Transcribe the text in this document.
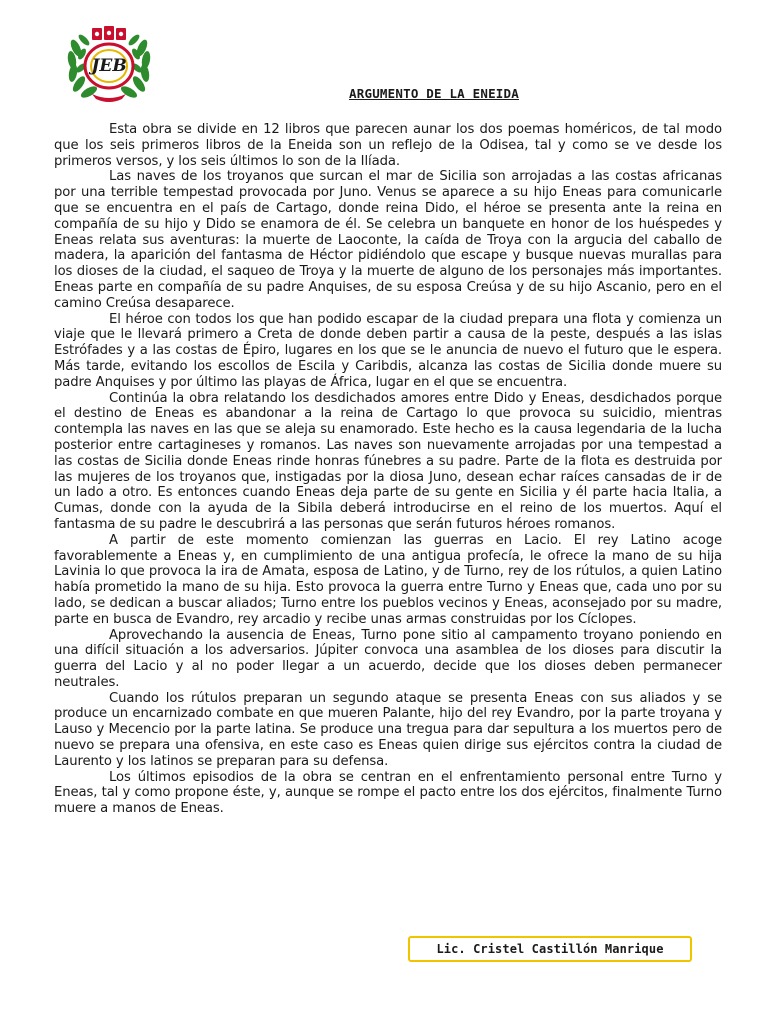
JEB
ARGUMENTO DE LA ENEIDA

Esta obra se divide en 12 libros que parecen aunar los dos poemas homéricos, de tal modo que los seis primeros libros de la Eneida son un reflejo de la Odisea, tal y como se ve desde los primeros versos, y los seis últimos lo son de la Ilíada.

Las naves de los troyanos que surcan el mar de Sicilia son arrojadas a las costas africanas por una terrible tempestad provocada por Juno. Venus se aparece a su hijo Eneas para comunicarle que se encuentra en el país de Cartago, donde reina Dido, el héroe se presenta ante la reina en compañía de su hijo y Dido se enamora de él. Se celebra un banquete en honor de los huéspedes y Eneas relata sus aventuras: la muerte de Laoconte, la caída de Troya con la argucia del caballo de madera, la aparición del fantasma de Héctor pidiéndolo que escape y busque nuevas murallas para los dioses de la ciudad, el saqueo de Troya y la muerte de alguno de los personajes más importantes. Eneas parte en compañía de su padre Anquises, de su esposa Creúsa y de su hijo Ascanio, pero en el camino Creúsa desaparece.

El héroe con todos los que han podido escapar de la ciudad prepara una flota y comienza un viaje que le llevará primero a Creta de donde deben partir a causa de la peste, después a las islas Estrófades y a las costas de Épiro, lugares en los que se le anuncia de nuevo el futuro que le espera. Más tarde, evitando los escollos de Escila y Caribdis, alcanza las costas de Sicilia donde muere su padre Anquises y por último las playas de África, lugar en el que se encuentra.

Continúa la obra relatando los desdichados amores entre Dido y Eneas, desdichados porque el destino de Eneas es abandonar a la reina de Cartago lo que provoca su suicidio, mientras contempla las naves en las que se aleja su enamorado. Este hecho es la causa legendaria de la lucha posterior entre cartagineses y romanos. Las naves son nuevamente arrojadas por una tempestad a las costas de Sicilia donde Eneas rinde honras fúnebres a su padre. Parte de la flota es destruida por las mujeres de los troyanos que, instigadas por la diosa Juno, desean echar raíces cansadas de ir de un lado a otro. Es entonces cuando Eneas deja parte de su gente en Sicilia y él parte hacia Italia, a Cumas, donde con la ayuda de la Sibila deberá introducirse en el reino de los muertos. Aquí el fantasma de su padre le descubrirá a las personas que serán futuros héroes romanos.

A partir de este momento comienzan las guerras en Lacio. El rey Latino acoge favorablemente a Eneas y, en cumplimiento de una antigua profecía, le ofrece la mano de su hija Lavinia lo que provoca la ira de Amata, esposa de Latino, y de Turno, rey de los rútulos, a quien Latino había prometido la mano de su hija. Esto provoca la guerra entre Turno y Eneas que, cada uno por su lado, se dedican a buscar aliados; Turno entre los pueblos vecinos y Eneas, aconsejado por su madre, parte en busca de Evandro, rey arcadio y recibe unas armas construidas por los Cíclopes.

Aprovechando la ausencia de Eneas, Turno pone sitio al campamento troyano poniendo en una difícil situación a los adversarios. Júpiter convoca una asamblea de los dioses para discutir la guerra del Lacio y al no poder llegar a un acuerdo, decide que los dioses deben permanecer neutrales.

Cuando los rútulos preparan un segundo ataque se presenta Eneas con sus aliados y se produce un encarnizado combate en que mueren Palante, hijo del rey Evandro, por la parte troyana y Lauso y Mecencio por la parte latina. Se produce una tregua para dar sepultura a los muertos pero de nuevo se prepara una ofensiva, en este caso es Eneas quien dirige sus ejércitos contra la ciudad de Laurento y los latinos se preparan para su defensa.

Los últimos episodios de la obra se centran en el enfrentamiento personal entre Turno y Eneas, tal y como propone éste, y, aunque se rompe el pacto entre los dos ejércitos, finalmente Turno muere a manos de Eneas.

Lic. Cristel Castillón Manrique
